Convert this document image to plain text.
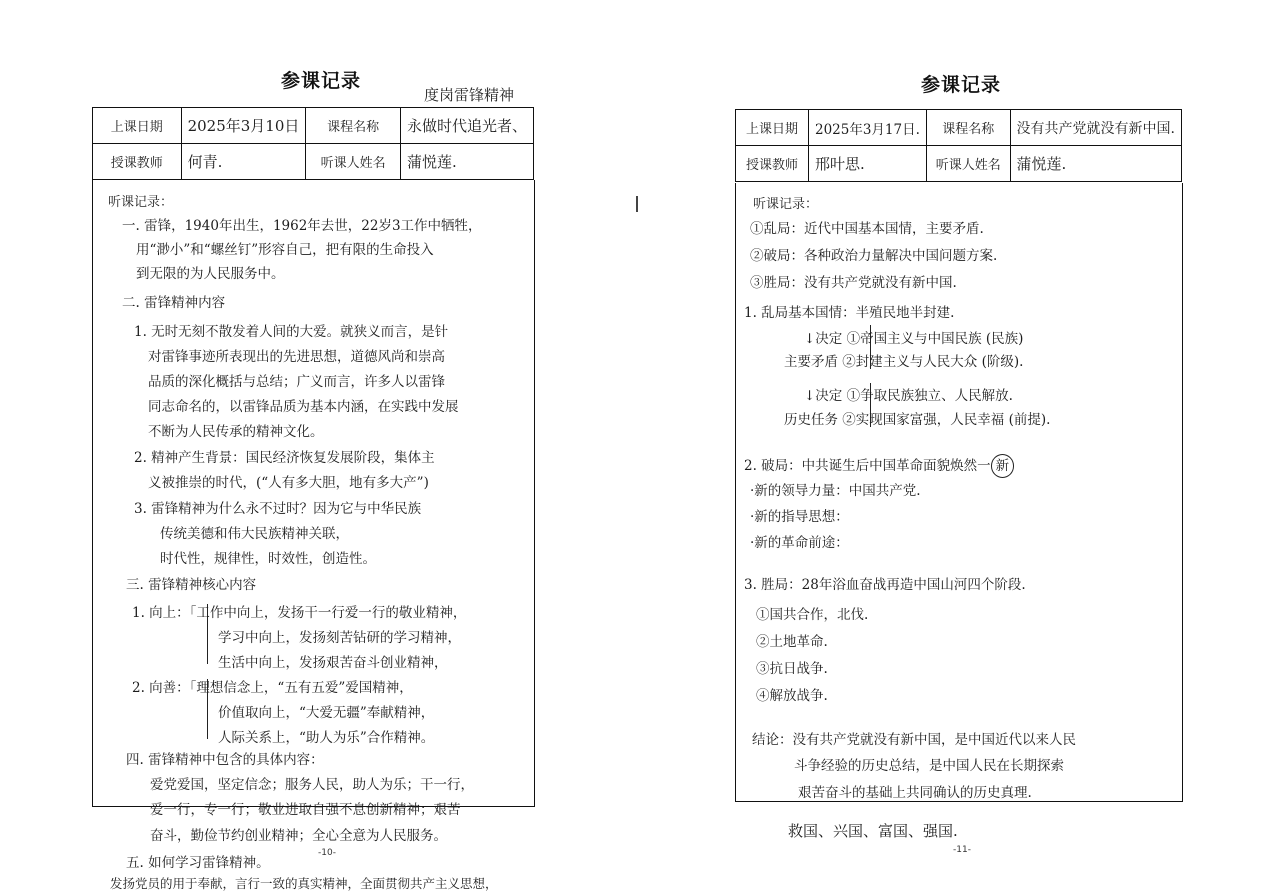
参课记录
度岗雷锋精神
上课日期	2025年3月10日	课程名称	永做时代追光者、
授课教师	何青.	听课人姓名	蒲悦莲.
听课记录：
一. 雷锋，1940年出生，1962年去世，22岁3工作中牺牲，
用“渺小”和“螺丝钉”形容自己，把有限的生命投入
到无限的为人民服务中。
二. 雷锋精神内容
1. 无时无刻不散发着人间的大爱。就狭义而言，是针
对雷锋事迹所表现出的先进思想，道德风尚和崇高
品质的深化概括与总结；广义而言，许多人以雷锋
同志命名的，以雷锋品质为基本内涵，在实践中发展
不断为人民传承的精神文化。
2. 精神产生背景：国民经济恢复发展阶段，集体主
义被推崇的时代，(“人有多大胆，地有多大产”)
3. 雷锋精神为什么永不过时？因为它与中华民族
传统美德和伟大民族精神关联，
时代性，规律性，时效性，创造性。
三. 雷锋精神核心内容
1. 向上：「工作中向上，发扬干一行爱一行的敬业精神，
学习中向上，发扬刻苦钻研的学习精神，
生活中向上，发扬艰苦奋斗创业精神，
2. 向善：「理想信念上，“五有五爱”爱国精神，
价值取向上，“大爱无疆”奉献精神，
人际关系上，“助人为乐”合作精神。
四. 雷锋精神中包含的具体内容：
爱党爱国，坚定信念；服务人民，助人为乐；干一行，
爱一行，专一行；敬业进取自强不息创新精神；艰苦
奋斗，勤俭节约创业精神；全心全意为人民服务。
五. 如何学习雷锋精神。
发扬党员的用于奉献，言行一致的真实精神，全面贯彻共产主义思想，
-10-
参课记录
上课日期	2025年3月17日.	课程名称	没有共产党就没有新中国.
授课教师	邢叶思.	听课人姓名	蒲悦莲.
听课记录：
①乱局：近代中国基本国情，主要矛盾.
②破局：各种政治力量解决中国问题方案.
③胜局：没有共产党就没有新中国.
1. 乱局基本国情：半殖民地半封建.
↓决定 ①帝国主义与中国民族 (民族)
主要矛盾 ②封建主义与人民大众 (阶级).
↓决定 ①争取民族独立、人民解放.
历史任务 ②实现国家富强，人民幸福 (前提).
2. 破局：中共诞生后中国革命面貌焕然一 新
·新的领导力量：中国共产党.
·新的指导思想：
·新的革命前途：
3. 胜局：28年浴血奋战再造中国山河四个阶段.
①国共合作，北伐.
②土地革命.
③抗日战争.
④解放战争.
结论：没有共产党就没有新中国，是中国近代以来人民
斗争经验的历史总结，是中国人民在长期探索
艰苦奋斗的基础上共同确认的历史真理.
救国、兴国、富国、强国.
-11-
